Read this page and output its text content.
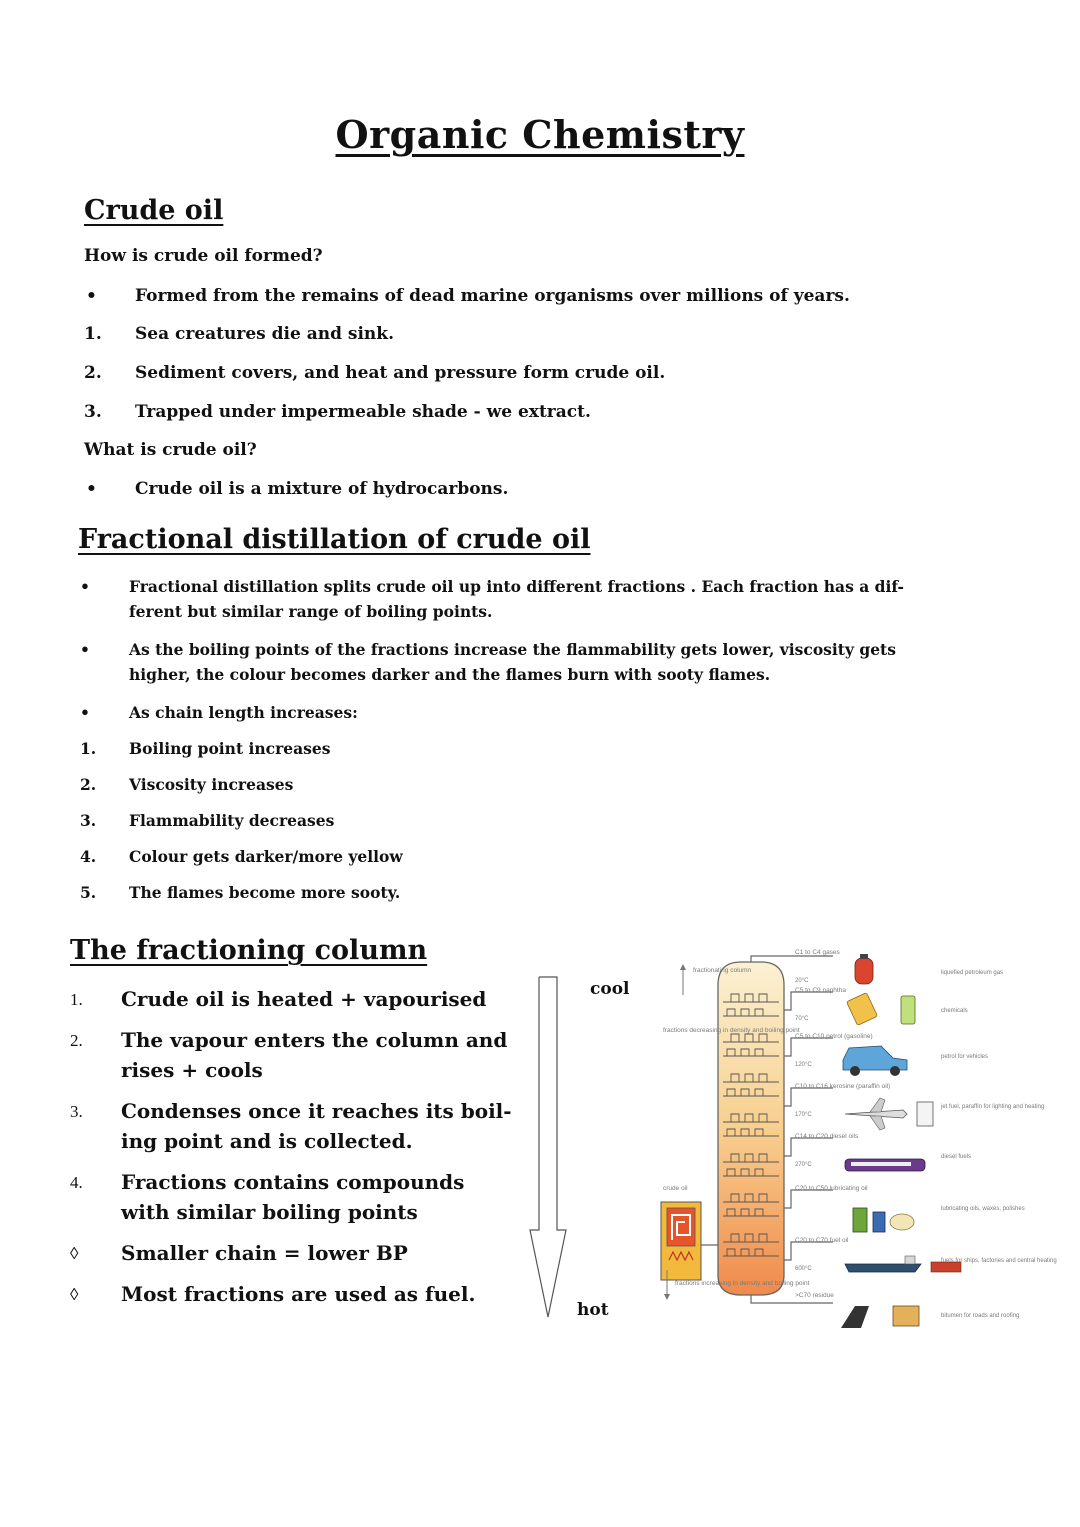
Organic Chemistry
Crude oil
How is crude oil formed?
• Formed from the remains of dead marine organisms over millions of years.
1. Sea creatures die and sink.
2. Sediment covers, and heat and pressure form crude oil.
3. Trapped under impermeable shade - we extract.
What is crude oil?
• Crude oil is a mixture of hydrocarbons.
Fractional distillation of crude oil
•	Fractional distillation splits crude oil up into different fractions . Each fraction has a dif-
ferent but similar range of boiling points.
•	As the boiling points of the fractions increase the flammability gets lower, viscosity gets
higher, the colour becomes darker and the flames burn with sooty flames.
•	As chain length increases:
1. Boiling point increases
2. Viscosity increases
3. Flammability decreases
4. Colour gets darker/more yellow
5. The flames become more sooty.
The fractioning column
1. Crude oil is heated + vapourised
2. The vapour enters the column and
rises + cools
3. Condenses once it reaches its boil-
ing point and is collected.
4. Fractions contains compounds
with similar boiling points
◊ Smaller chain = lower BP
◊ Most fractions are used as fuel.
cool
hot
fractionating column
fractions decreasing in density and boiling point
crude oil
fractions increasing in density and boiling point
C1 to C4 gases
20°C
liquefied petroleum gas
C5 to C9 naphtha
70°C
chemicals
C5 to C10 petrol (gasoline)
120°C
petrol for vehicles
C10 to C16 kerosine (paraffin oil)
170°C
jet fuel, paraffin for lighting and heating
C14 to C20 diesel oils
270°C
diesel fuels
C20 to C50 lubricating oil
lubricating oils, waxes, polishes
C20 to C70 fuel oil
600°C
fuels for ships, factories and central heating
>C70 residue
bitumen for roads and roofing
